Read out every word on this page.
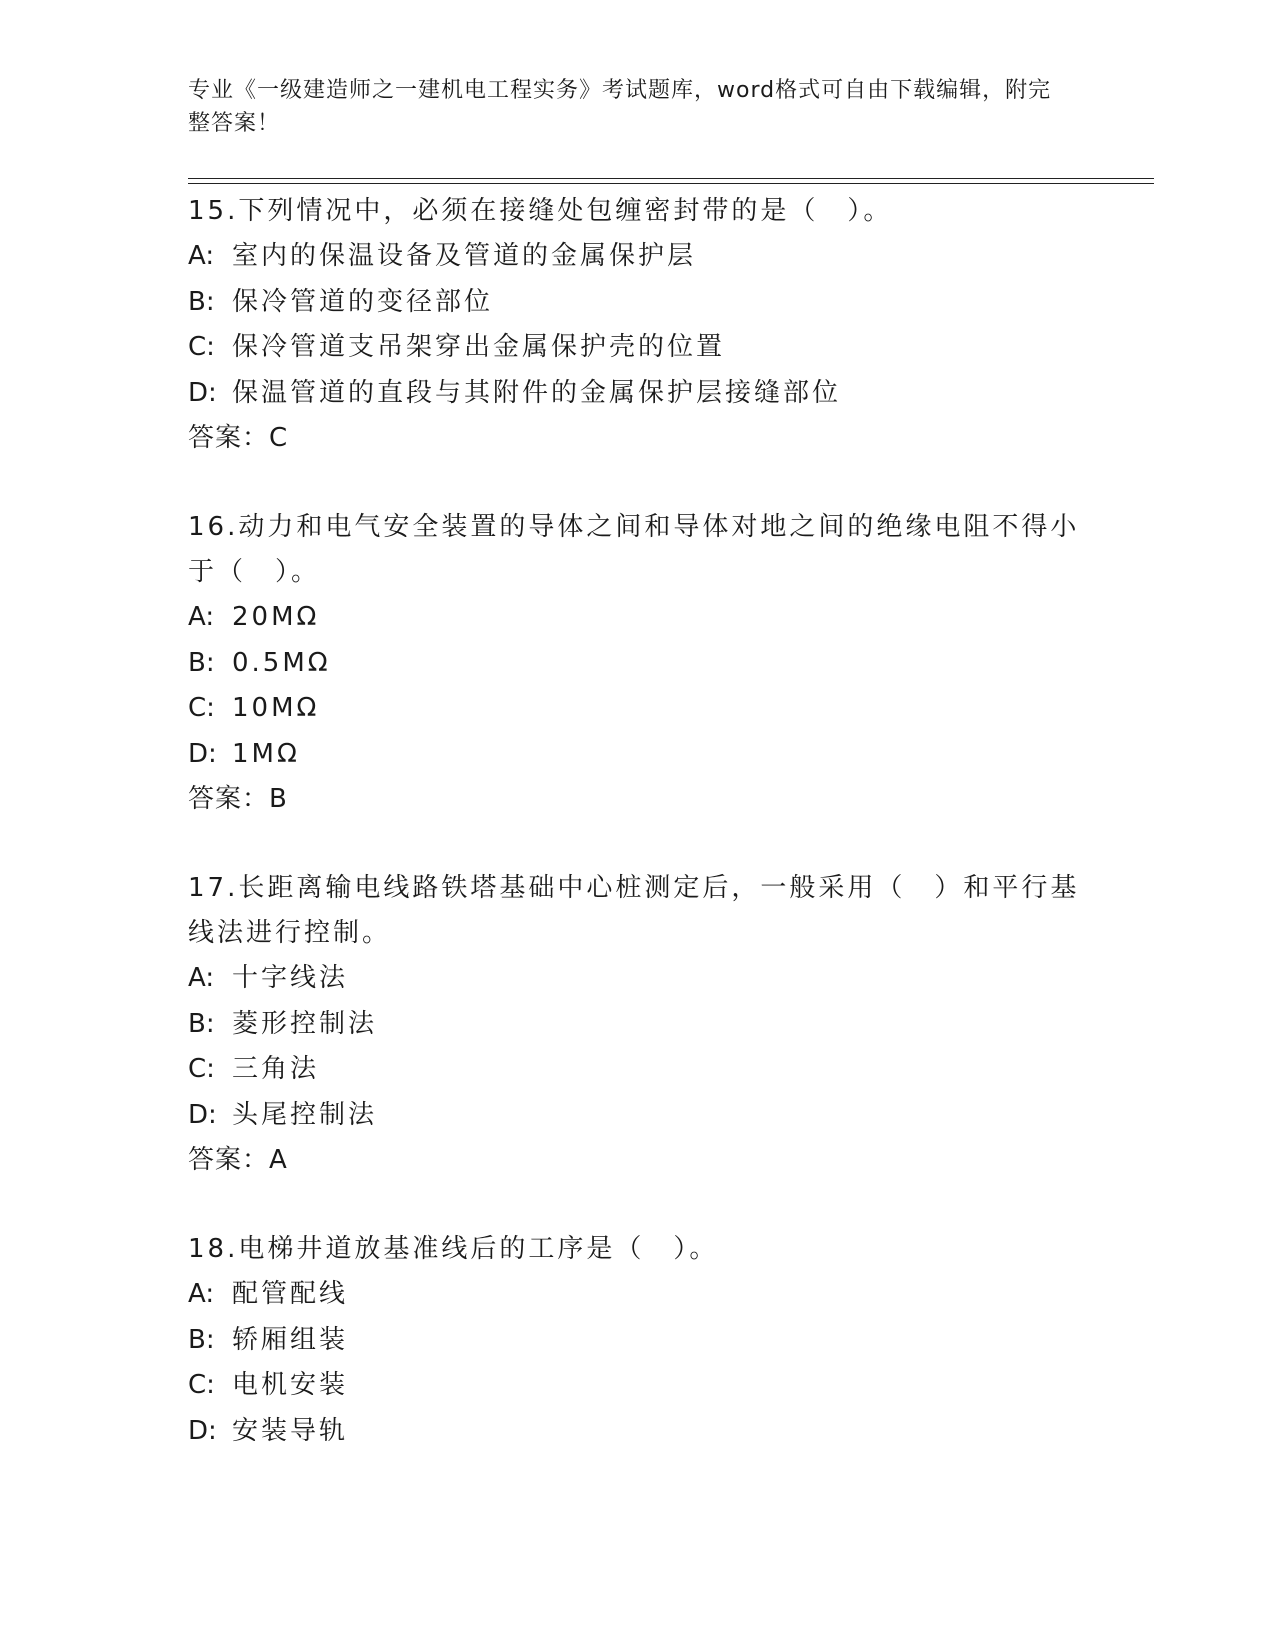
专业《一级建造师之一建机电工程实务》考试题库，word格式可自由下载编辑，附完整答案！

15.下列情况中，必须在接缝处包缠密封带的是（　）。

A: 室内的保温设备及管道的金属保护层

B: 保冷管道的变径部位

C: 保冷管道支吊架穿出金属保护壳的位置

D: 保温管道的直段与其附件的金属保护层接缝部位

答案：C

16.动力和电气安全装置的导体之间和导体对地之间的绝缘电阻不得小于（　）。

A: 20MΩ

B: 0.5MΩ

C: 10MΩ

D: 1MΩ

答案：B

17.长距离输电线路铁塔基础中心桩测定后，一般采用（　）和平行基线法进行控制。

A: 十字线法

B: 菱形控制法

C: 三角法

D: 头尾控制法

答案：A

18.电梯井道放基准线后的工序是（　）。

A: 配管配线

B: 轿厢组装

C: 电机安装

D: 安装导轨
